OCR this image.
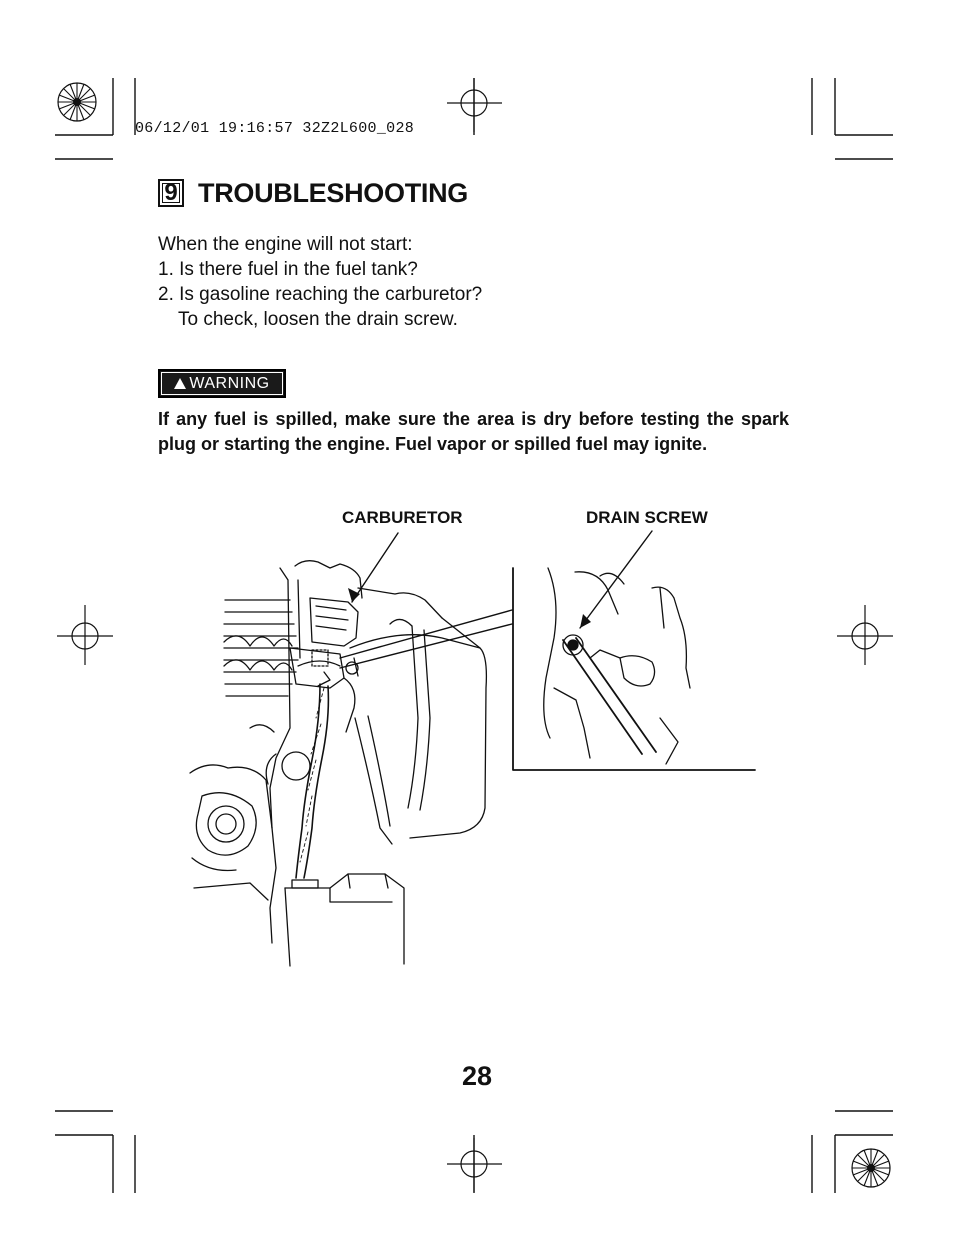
06/12/01 19:16:57 32Z2L600_028
9 TROUBLESHOOTING
When the engine will not start:
1. Is there fuel in the fuel tank?
2. Is gasoline reaching the carburetor?
To check, loosen the drain screw.
WARNING
If any fuel is spilled, make sure the area is dry before testing the spark plug or starting the engine. Fuel vapor or spilled fuel may ignite.
CARBURETOR	DRAIN SCREW
28
